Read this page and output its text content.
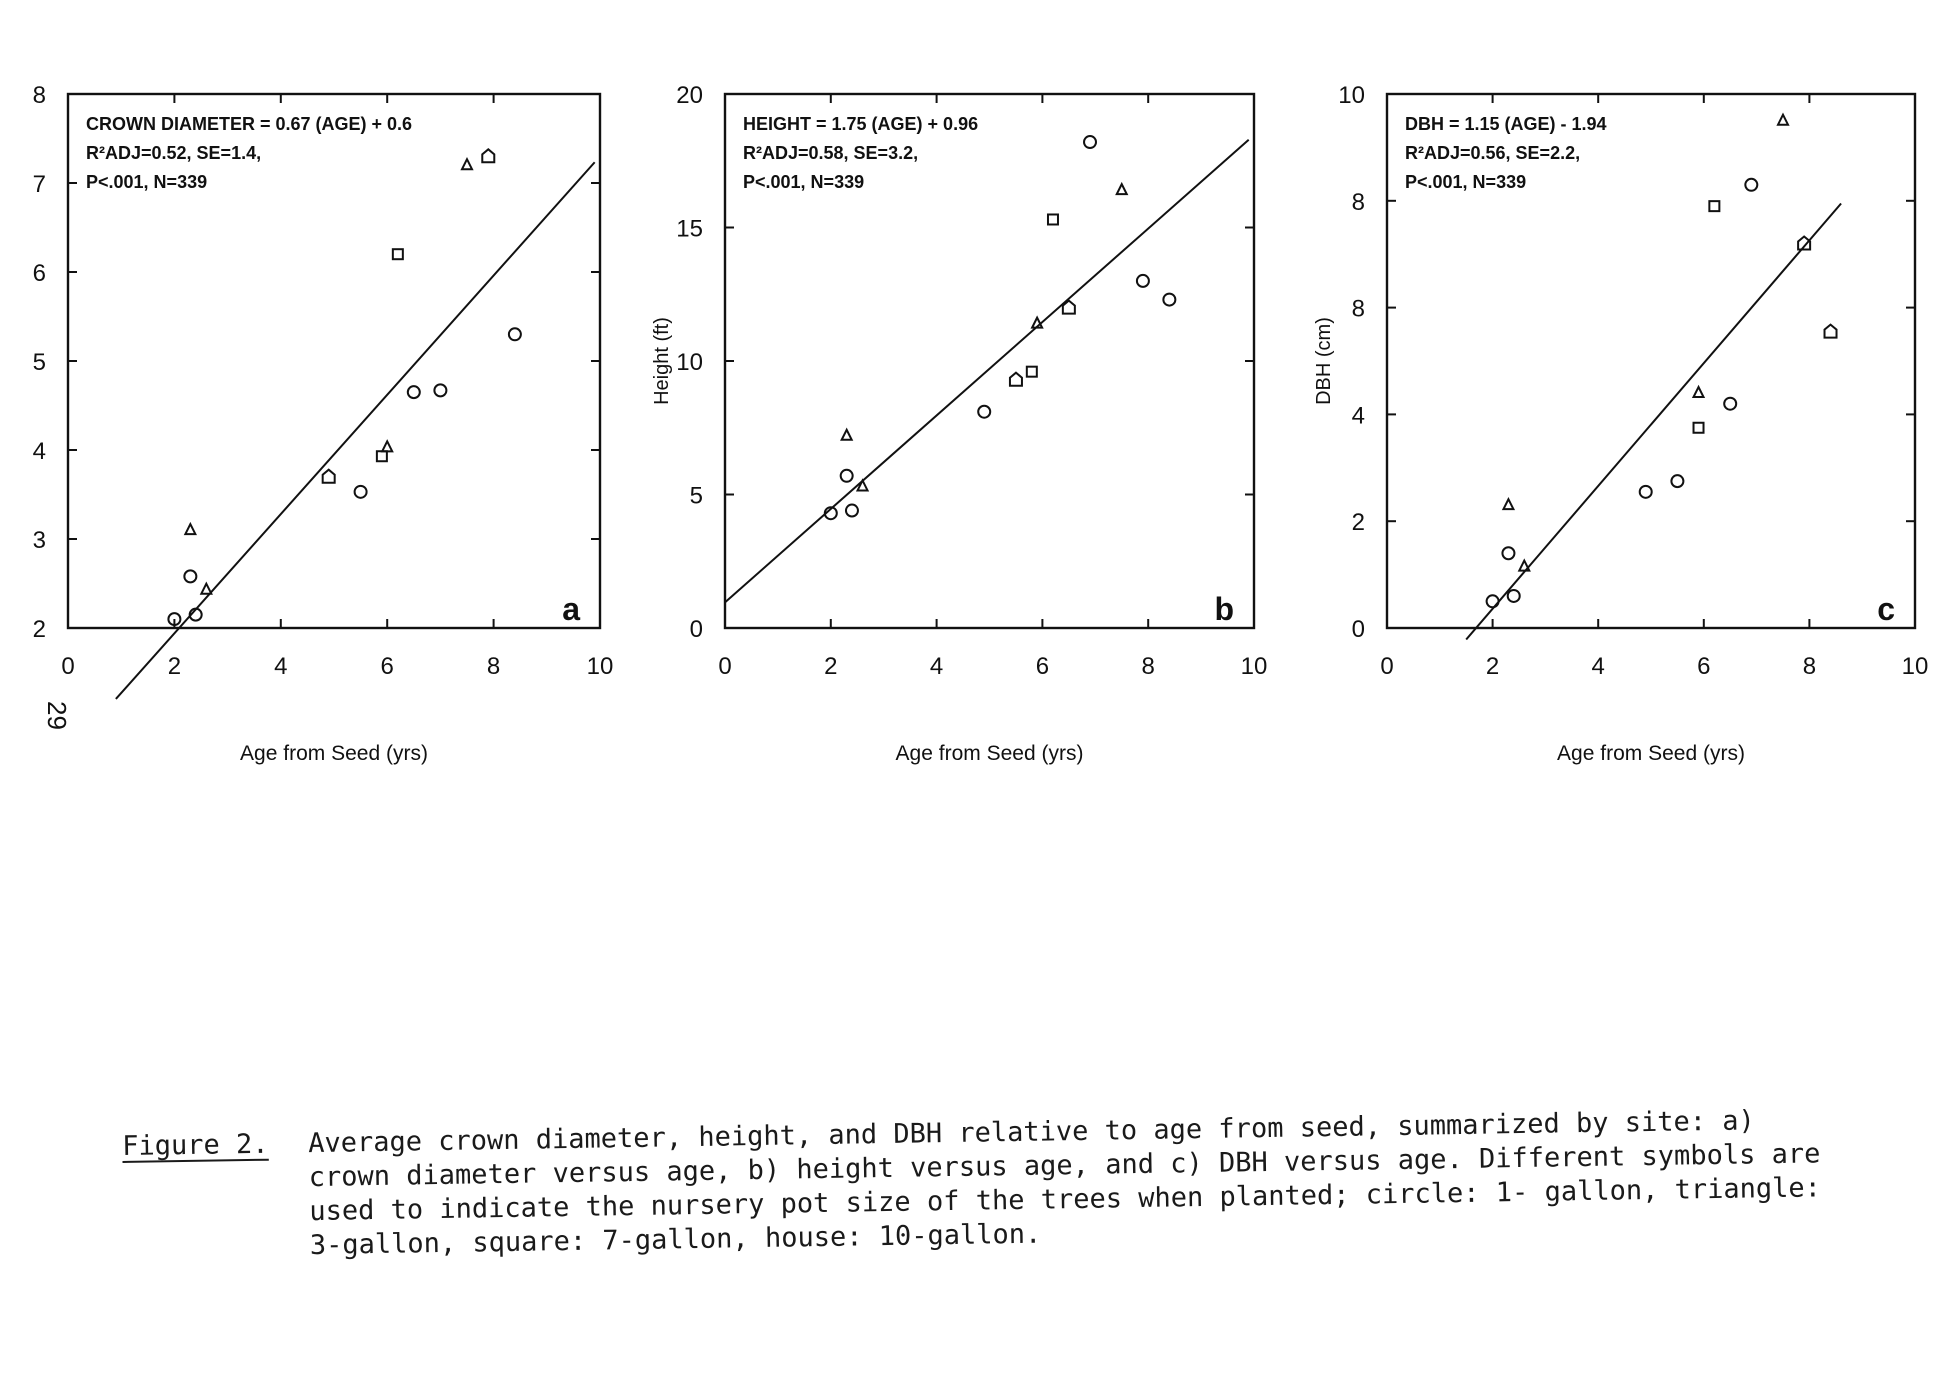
0	2	4	6	8	10
2
3
4
5
6
7
8
Age from Seed (yrs)
CROWN DIAMETER = 0.67 (AGE) + 0.6
R²ADJ=0.52, SE=1.4,
P<.001, N=339
a
0	2	4	6	8	10
0
5
10
15
20
Age from Seed (yrs)
Height (ft)
HEIGHT = 1.75 (AGE) + 0.96
R²ADJ=0.58, SE=3.2,
P<.001, N=339
b
0	2	4	6	8	10
0
2
4
8
8
10
Age from Seed (yrs)
DBH (cm)
DBH = 1.15 (AGE) - 1.94
R²ADJ=0.56, SE=2.2,
P<.001, N=339
c
29
Figure 2. Average crown diameter, height, and DBH relative to age from seed, summarized by site: a) crown diameter versus age, b) height versus age, and c) DBH versus age. Different symbols are used to indicate the nursery pot size of the trees when planted; circle: 1- gallon, triangle: 3-gallon, square: 7-gallon, house: 10-gallon.
